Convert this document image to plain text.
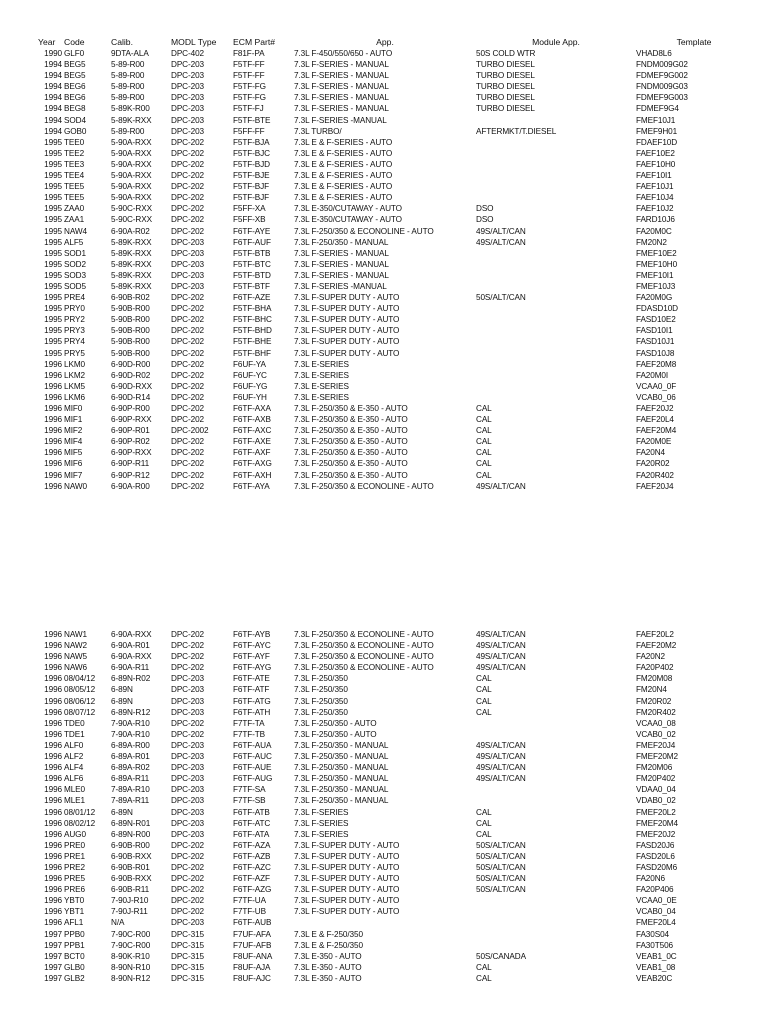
Year	Code	Calib.	MODL Type	ECM Part#	App.	Module App.	Template
1990	GLF0	9DTA-ALA	DPC-402	F81F-PA	7.3L F-450/550/650 - AUTO	50S COLD WTR	VHAD8L6
1994	BEG5	5-89-R00	DPC-203	F5TF-FF	7.3L F-SERIES - MANUAL	TURBO DIESEL	FNDM009G02
1994	BEG5	5-89-R00	DPC-203	F5TF-FF	7.3L F-SERIES - MANUAL	TURBO DIESEL	FDMEF9G002
1994	BEG6	5-89-R00	DPC-203	F5TF-FG	7.3L F-SERIES - MANUAL	TURBO DIESEL	FNDM009G03
1994	BEG6	5-89-R00	DPC-203	F5TF-FG	7.3L F-SERIES - MANUAL	TURBO DIESEL	FDMEF9G003
1994	BEG8	5-89K-R00	DPC-203	F5TF-FJ	7.3L F-SERIES - MANUAL	TURBO DIESEL	FDMEF9G4
1994	SOD4	5-89K-RXX	DPC-203	F5TF-BTE	7.3L F-SERIES -MANUAL		FMEF10J1
1994	GOB0	5-89-R00	DPC-203	F5FF-FF	7.3L TURBO/	AFTERMKT/T.DIESEL	FMEF9H01
1995	TEE0	5-90A-RXX	DPC-202	F5TF-BJA	7.3L E & F-SERIES - AUTO		FDAEF10D
1995	TEE2	5-90A-RXX	DPC-202	F5TF-BJC	7.3L E & F-SERIES - AUTO		FAEF10E2
1995	TEE3	5-90A-RXX	DPC-202	F5TF-BJD	7.3L E & F-SERIES - AUTO		FAEF10H0
1995	TEE4	5-90A-RXX	DPC-202	F5TF-BJE	7.3L E & F-SERIES - AUTO		FAEF10I1
1995	TEE5	5-90A-RXX	DPC-202	F5TF-BJF	7.3L E & F-SERIES - AUTO		FAEF10J1
1995	TEE5	5-90A-RXX	DPC-202	F5TF-BJF	7.3L E & F-SERIES - AUTO		FAEF10J4
1995	ZAA0	5-90C-RXX	DPC-202	F5FF-XA	7.3L E-350/CUTAWAY - AUTO	DSO	FAEF10J2
1995	ZAA1	5-90C-RXX	DPC-202	F5FF-XB	7.3L E-350/CUTAWAY - AUTO	DSO	FARD10J6
1995	NAW4	6-90A-R02	DPC-202	F6TF-AYE	7.3L F-250/350 & ECONOLINE - AUTO	49S/ALT/CAN	FA20M0C
1995	ALF5	5-89K-RXX	DPC-203	F6TF-AUF	7.3L F-250/350 - MANUAL	49S/ALT/CAN	FM20N2
1995	SOD1	5-89K-RXX	DPC-203	F5TF-BTB	7.3L F-SERIES - MANUAL		FMEF10E2
1995	SOD2	5-89K-RXX	DPC-203	F5TF-BTC	7.3L F-SERIES - MANUAL		FMEF10H0
1995	SOD3	5-89K-RXX	DPC-203	F5TF-BTD	7.3L F-SERIES - MANUAL		FMEF10I1
1995	SOD5	5-89K-RXX	DPC-203	F5TF-BTF	7.3L F-SERIES -MANUAL		FMEF10J3
1995	PRE4	6-90B-R02	DPC-202	F6TF-AZE	7.3L F-SUPER DUTY - AUTO	50S/ALT/CAN	FA20M0G
1995	PRY0	5-90B-R00	DPC-202	F5TF-BHA	7.3L F-SUPER DUTY - AUTO		FDASD10D
1995	PRY2	5-90B-R00	DPC-202	F5TF-BHC	7.3L F-SUPER DUTY - AUTO		FASD10E2
1995	PRY3	5-90B-R00	DPC-202	F5TF-BHD	7.3L F-SUPER DUTY - AUTO		FASD10I1
1995	PRY4	5-90B-R00	DPC-202	F5TF-BHE	7.3L F-SUPER DUTY - AUTO		FASD10J1
1995	PRY5	5-90B-R00	DPC-202	F5TF-BHF	7.3L F-SUPER DUTY - AUTO		FASD10J8
1996	LKM0	6-90D-R00	DPC-202	F6UF-YA	7.3L E-SERIES		FAEF20M8
1996	LKM2	6-90D-R02	DPC-202	F6UF-YC	7.3L E-SERIES		FA20M0I
1996	LKM5	6-90D-RXX	DPC-202	F6UF-YG	7.3L E-SERIES		VCAA0_0F
1996	LKM6	6-90D-R14	DPC-202	F6UF-YH	7.3L E-SERIES		VCAB0_06
1996	MIF0	6-90P-R00	DPC-202	F6TF-AXA	7.3L F-250/350 & E-350 - AUTO	CAL	FAEF20J2
1996	MIF1	6-90P-RXX	DPC-202	F6TF-AXB	7.3L F-250/350 & E-350 - AUTO	CAL	FAEF20L4
1996	MIF2	6-90P-R01	DPC-2002	F6TF-AXC	7.3L F-250/350 & E-350 - AUTO	CAL	FAEF20M4
1996	MIF4	6-90P-R02	DPC-202	F6TF-AXE	7.3L F-250/350 & E-350 - AUTO	CAL	FA20M0E
1996	MIF5	6-90P-RXX	DPC-202	F6TF-AXF	7.3L F-250/350 & E-350 - AUTO	CAL	FA20N4
1996	MIF6	6-90P-R11	DPC-202	F6TF-AXG	7.3L F-250/350 & E-350 - AUTO	CAL	FA20R02
1996	MIF7	6-90P-R12	DPC-202	F6TF-AXH	7.3L F-250/350 & E-350 - AUTO	CAL	FA20R402
1996	NAW0	6-90A-R00	DPC-202	F6TF-AYA	7.3L F-250/350 & ECONOLINE - AUTO	49S/ALT/CAN	FAEF20J4
1996	NAW1	6-90A-RXX	DPC-202	F6TF-AYB	7.3L F-250/350 & ECONOLINE - AUTO	49S/ALT/CAN	FAEF20L2
1996	NAW2	6-90A-R01	DPC-202	F6TF-AYC	7.3L F-250/350 & ECONOLINE - AUTO	49S/ALT/CAN	FAEF20M2
1996	NAW5	6-90A-RXX	DPC-202	F6TF-AYF	7.3L F-250/350 & ECONOLINE - AUTO	49S/ALT/CAN	FA20N2
1996	NAW6	6-90A-R11	DPC-202	F6TF-AYG	7.3L F-250/350 & ECONOLINE - AUTO	49S/ALT/CAN	FA20P402
1996	08/04/12	6-89N-R02	DPC-203	F6TF-ATE	7.3L F-250/350	CAL	FM20M08
1996	08/05/12	6-89N	DPC-203	F6TF-ATF	7.3L F-250/350	CAL	FM20N4
1996	08/06/12	6-89N	DPC-203	F6TF-ATG	7.3L F-250/350	CAL	FM20R02
1996	08/07/12	6-89N-R12	DPC-203	F6TF-ATH	7.3L F-250/350	CAL	FM20R402
1996	TDE0	7-90A-R10	DPC-202	F7TF-TA	7.3L F-250/350 - AUTO		VCAA0_08
1996	TDE1	7-90A-R10	DPC-202	F7TF-TB	7.3L F-250/350 - AUTO		VCAB0_02
1996	ALF0	6-89A-R00	DPC-203	F6TF-AUA	7.3L F-250/350 - MANUAL	49S/ALT/CAN	FMEF20J4
1996	ALF2	6-89A-R01	DPC-203	F6TF-AUC	7.3L F-250/350 - MANUAL	49S/ALT/CAN	FMEF20M2
1996	ALF4	6-89A-R02	DPC-203	F6TF-AUE	7.3L F-250/350 - MANUAL	49S/ALT/CAN	FM20M06
1996	ALF6	6-89A-R11	DPC-203	F6TF-AUG	7.3L F-250/350 - MANUAL	49S/ALT/CAN	FM20P402
1996	MLE0	7-89A-R10	DPC-203	F7TF-SA	7.3L F-250/350 - MANUAL		VDAA0_04
1996	MLE1	7-89A-R11	DPC-203	F7TF-SB	7.3L F-250/350 - MANUAL		VDAB0_02
1996	08/01/12	6-89N	DPC-203	F6TF-ATB	7.3L F-SERIES	CAL	FMEF20L2
1996	08/02/12	6-89N-R01	DPC-203	F6TF-ATC	7.3L F-SERIES	CAL	FMEF20M4
1996	AUG0	6-89N-R00	DPC-203	F6TF-ATA	7.3L F-SERIES	CAL	FMEF20J2
1996	PRE0	6-90B-R00	DPC-202	F6TF-AZA	7.3L F-SUPER DUTY - AUTO	50S/ALT/CAN	FASD20J6
1996	PRE1	6-90B-RXX	DPC-202	F6TF-AZB	7.3L F-SUPER DUTY - AUTO	50S/ALT/CAN	FASD20L6
1996	PRE2	6-90B-R01	DPC-202	F6TF-AZC	7.3L F-SUPER DUTY - AUTO	50S/ALT/CAN	FASD20M6
1996	PRE5	6-90B-RXX	DPC-202	F6TF-AZF	7.3L F-SUPER DUTY - AUTO	50S/ALT/CAN	FA20N6
1996	PRE6	6-90B-R11	DPC-202	F6TF-AZG	7.3L F-SUPER DUTY - AUTO	50S/ALT/CAN	FA20P406
1996	YBT0	7-90J-R10	DPC-202	F7TF-UA	7.3L F-SUPER DUTY - AUTO		VCAA0_0E
1996	YBT1	7-90J-R11	DPC-202	F7TF-UB	7.3L F-SUPER DUTY - AUTO		VCAB0_04
1996	AFL1	N/A	DPC-203	F6TF-AUB			FMEF20L4
1997	PPB0	7-90C-R00	DPC-315	F7UF-AFA	7.3L E & F-250/350		FA30S04
1997	PPB1	7-90C-R00	DPC-315	F7UF-AFB	7.3L E & F-250/350		FA30T506
1997	BCT0	8-90K-R10	DPC-315	F8UF-ANA	7.3L E-350 - AUTO	50S/CANADA	VEAB1_0C
1997	GLB0	8-90N-R10	DPC-315	F8UF-AJA	7.3L E-350 - AUTO	CAL	VEAB1_08
1997	GLB2	8-90N-R12	DPC-315	F8UF-AJC	7.3L E-350 - AUTO	CAL	VEAB20C
